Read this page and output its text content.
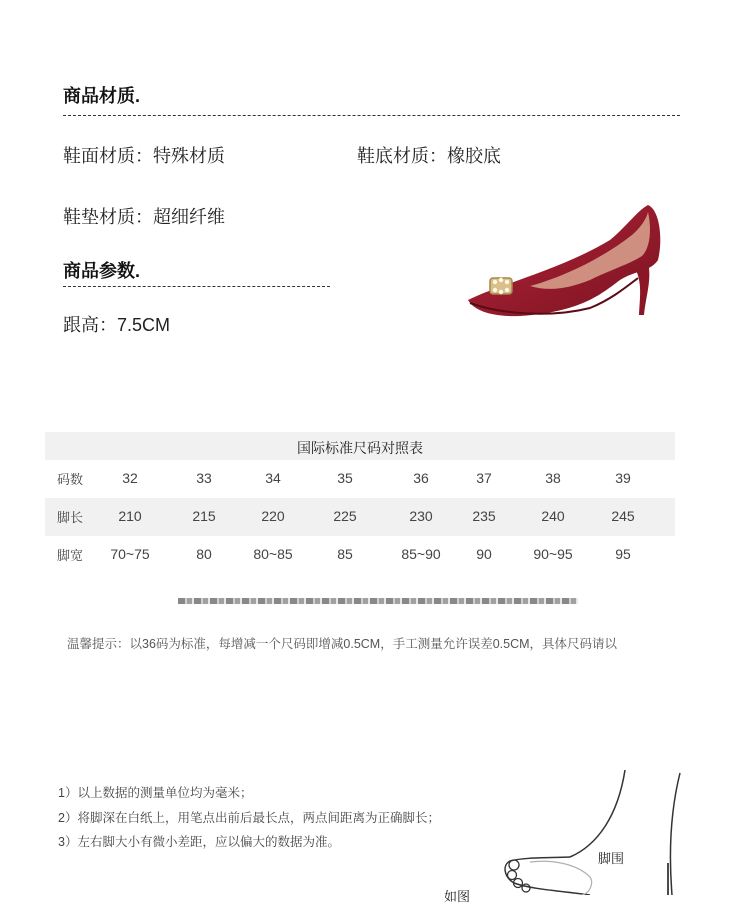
商品材质.
鞋面材质：特殊材质	鞋底材质：橡胶底
鞋垫材质：超细纤维
商品参数.
跟高：7.5CM
国际标准尺码对照表
码数	32	33	34	35	36	37	38	39
脚长	210	215	220	225	230	235	240	245
脚宽	70~75	80	80~85	85	85~90	90	90~95	95
温馨提示：以36码为标准，每增减一个尺码即增减0.5CM，手工测量允许误差0.5CM，具体尺码请以
1）以上数据的测量单位均为毫米；
2）将脚深在白纸上，用笔点出前后最长点，两点间距离为正确脚长；
3）左右脚大小有微小差距，应以偏大的数据为准。
脚围
如图
